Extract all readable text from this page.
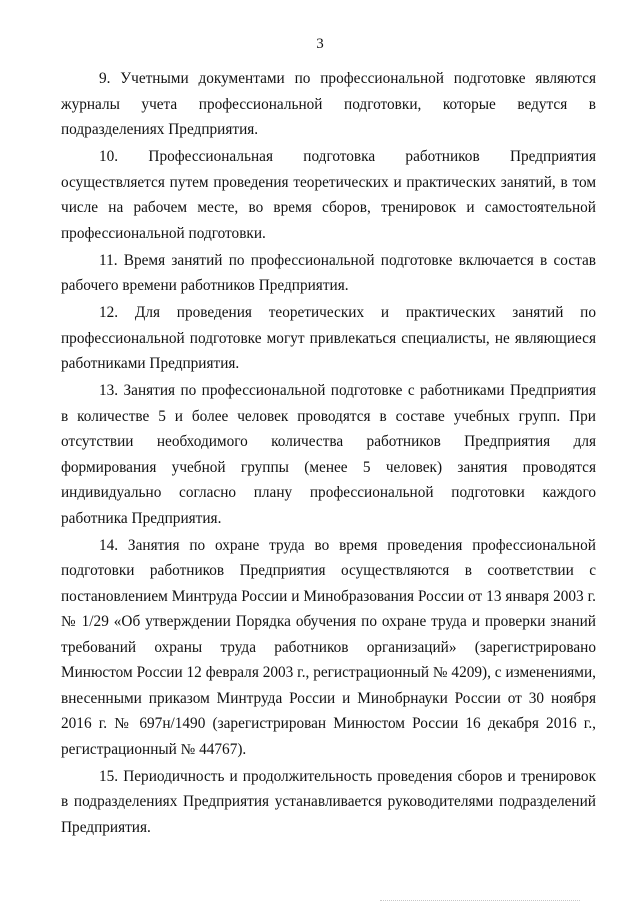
3

9. Учетными документами по профессиональной подготовке являются журналы учета профессиональной подготовки, которые ведутся в подразделениях Предприятия.

10. Профессиональная подготовка работников Предприятия осуществляется путем проведения теоретических и практических занятий, в том числе на рабочем месте, во время сборов, тренировок и самостоятельной профессиональной подготовки.

11. Время занятий по профессиональной подготовке включается в состав рабочего времени работников Предприятия.

12. Для проведения теоретических и практических занятий по профессиональной подготовке могут привлекаться специалисты, не являющиеся работниками Предприятия.

13. Занятия по профессиональной подготовке с работниками Предприятия в количестве 5 и более человек проводятся в составе учебных групп. При отсутствии необходимого количества работников Предприятия для формирования учебной группы (менее 5 человек) занятия проводятся индивидуально согласно плану профессиональной подготовки каждого работника Предприятия.

14. Занятия по охране труда во время проведения профессиональной подготовки работников Предприятия осуществляются в соответствии с постановлением Минтруда России и Минобразования России от 13 января 2003 г. № 1/29 «Об утверждении Порядка обучения по охране труда и проверки знаний требований охраны труда работников организаций» (зарегистрировано Минюстом России 12 февраля 2003 г., регистрационный № 4209), с изменениями, внесенными приказом Минтруда России и Минобрнауки России от 30 ноября 2016 г. № 697н/1490 (зарегистрирован Минюстом России 16 декабря 2016 г., регистрационный № 44767).

15. Периодичность и продолжительность проведения сборов и тренировок в подразделениях Предприятия устанавливается руководителями подразделений Предприятия.
